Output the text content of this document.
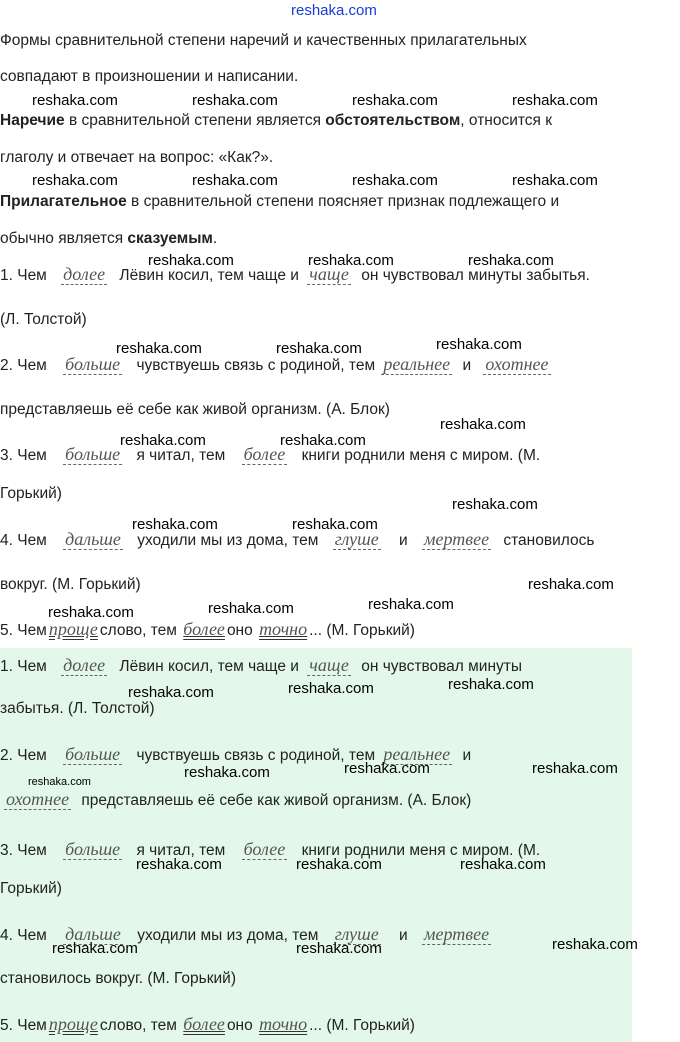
reshaka.com
Формы сравнительной степени наречий и качественных прилагательных
совпадают в произношении и написании.
Наречие в сравнительной степени является обстоятельством, относится к
глаголу и отвечает на вопрос: «Как?».
Прилагательное в сравнительной степени поясняет признак подлежащего и
обычно является сказуемым.
1. Чем долее Лёвин косил, тем чаще и чаще он чувствовал минуты забытья.
(Л. Толстой)
2. Чем больше чувствуешь связь с родиной, тем реальнее и охотнее
представляешь её себе как живой организм. (А. Блок)
3. Чем больше я читал, тем более книги роднили меня с миром. (М.
Горький)
4. Чем дальше уходили мы из дома, тем глуше и мертвее становилось
вокруг. (М. Горький)
5. Чем проще слово, тем более оно точно ... (М. Горький)
1. Чем долее Лёвин косил, тем чаще и чаще он чувствовал минуты
забытья. (Л. Толстой)
2. Чем больше чувствуешь связь с родиной, тем реальнее и
охотнее представляешь её себе как живой организм. (А. Блок)
3. Чем больше я читал, тем более книги роднили меня с миром. (М.
Горький)
4. Чем дальше уходили мы из дома, тем глуше и мертвее
становилось вокруг. (М. Горький)
5. Чем проще слово, тем более оно точно ... (М. Горький)
reshaka.com	reshaka.com	reshaka.com	reshaka.com
reshaka.com	reshaka.com	reshaka.com	reshaka.com
reshaka.com	reshaka.com	reshaka.com
reshaka.com	reshaka.com	reshaka.com
reshaka.com
reshaka.com	reshaka.com
reshaka.com
reshaka.com	reshaka.com
reshaka.com
reshaka.com	reshaka.com	reshaka.com
reshaka.com	reshaka.com	reshaka.com
reshaka.com	reshaka.com	reshaka.com
reshaka.com
reshaka.com	reshaka.com	reshaka.com
reshaka.com	reshaka.com	reshaka.com
